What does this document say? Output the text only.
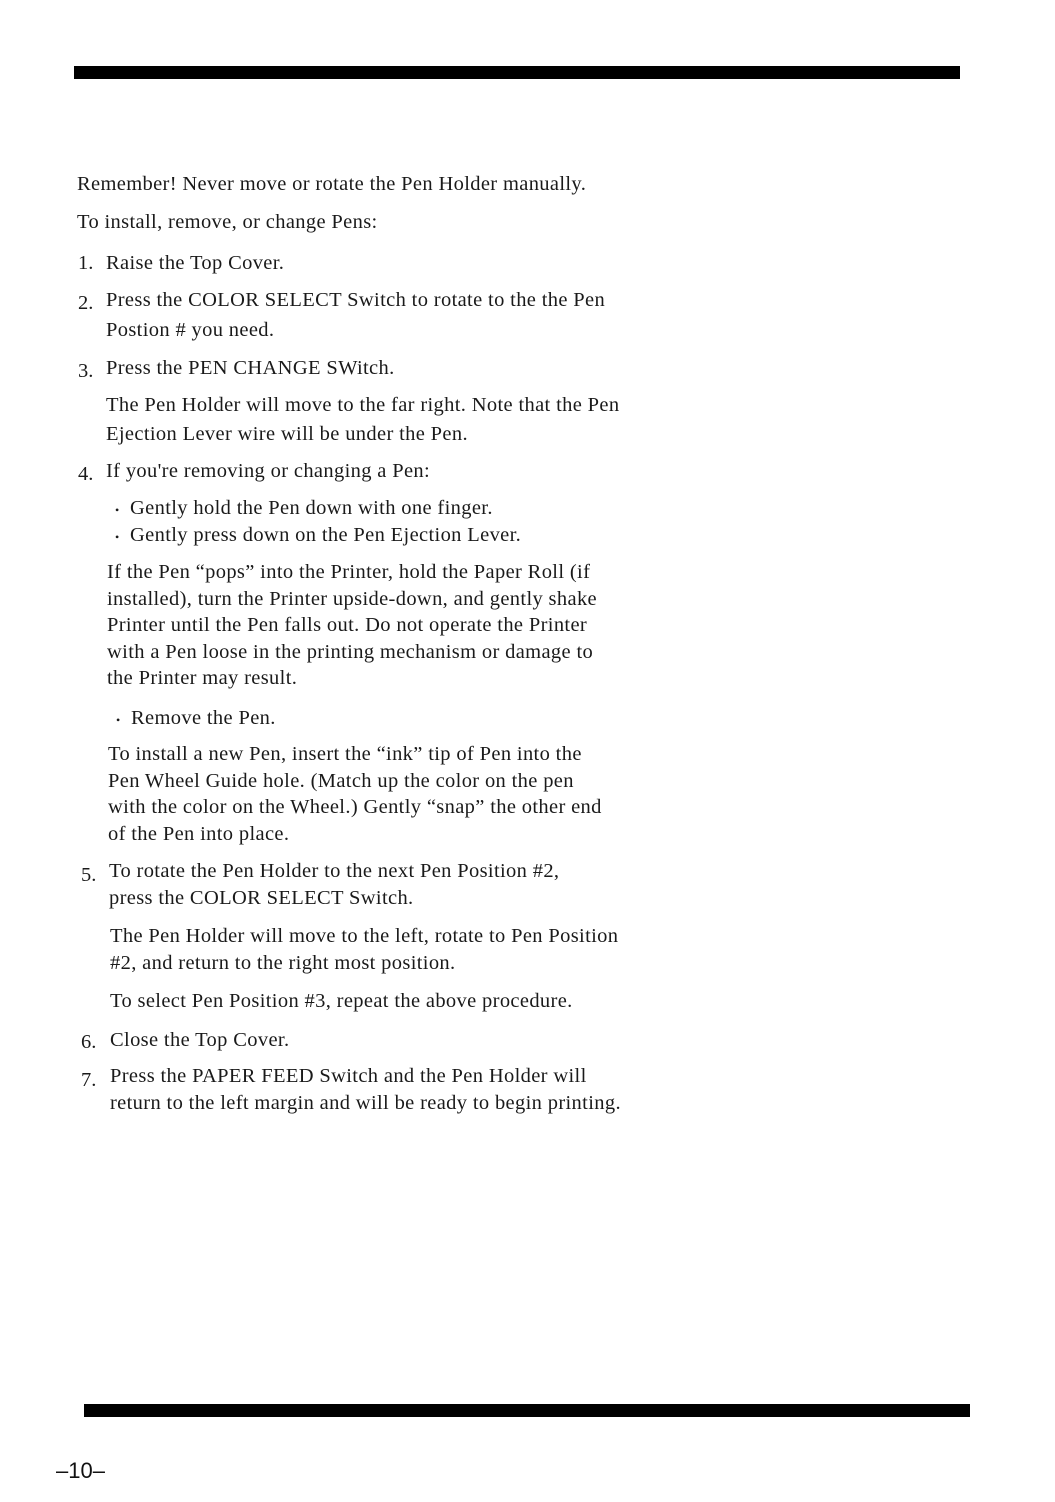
Remember! Never move or rotate the Pen Holder manually.
To install, remove, or change Pens:
1. Raise the Top Cover.
2. Press the COLOR SELECT Switch to rotate to the the Pen
Postion # you need.
3. Press the PEN CHANGE SWitch.
The Pen Holder will move to the far right. Note that the Pen
Ejection Lever wire will be under the Pen.
4. If you're removing or changing a Pen:
• Gently hold the Pen down with one finger.
• Gently press down on the Pen Ejection Lever.
If the Pen “pops” into the Printer, hold the Paper Roll (if
installed), turn the Printer upside-down, and gently shake
Printer until the Pen falls out. Do not operate the Printer
with a Pen loose in the printing mechanism or damage to
the Printer may result.
• Remove the Pen.
To install a new Pen, insert the “ink” tip of Pen into the
Pen Wheel Guide hole. (Match up the color on the pen
with the color on the Wheel.) Gently “snap” the other end
of the Pen into place.
5. To rotate the Pen Holder to the next Pen Position #2,
press the COLOR SELECT Switch.
The Pen Holder will move to the left, rotate to Pen Position
#2, and return to the right most position.
To select Pen Position #3, repeat the above procedure.
6. Close the Top Cover.
7. Press the PAPER FEED Switch and the Pen Holder will
return to the left margin and will be ready to begin printing.
–10–
